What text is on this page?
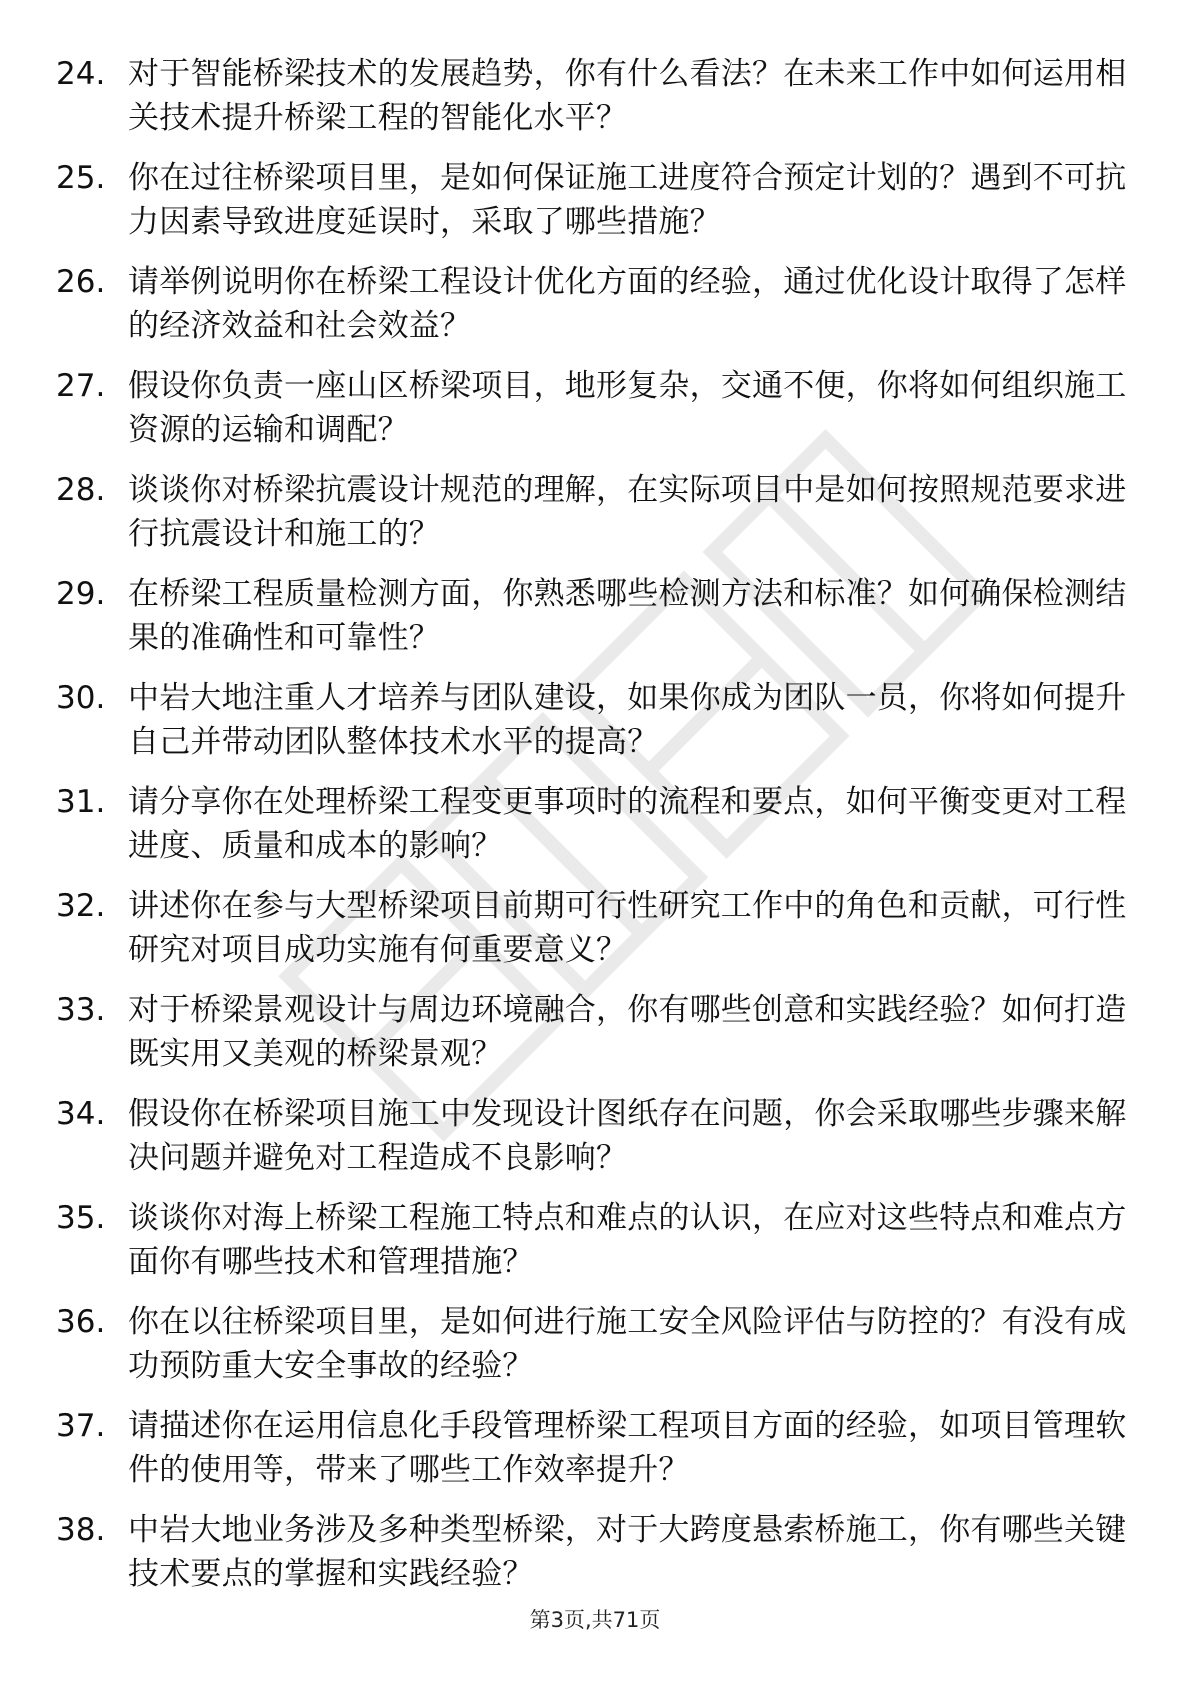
24. 对于智能桥梁技术的发展趋势，你有什么看法？在未来工作中如何运用相关技术提升桥梁工程的智能化水平？
25. 你在过往桥梁项目里，是如何保证施工进度符合预定计划的？遇到不可抗力因素导致进度延误时，采取了哪些措施？
26. 请举例说明你在桥梁工程设计优化方面的经验，通过优化设计取得了怎样的经济效益和社会效益？
27. 假设你负责一座山区桥梁项目，地形复杂，交通不便，你将如何组织施工资源的运输和调配？
28. 谈谈你对桥梁抗震设计规范的理解，在实际项目中是如何按照规范要求进行抗震设计和施工的？
29. 在桥梁工程质量检测方面，你熟悉哪些检测方法和标准？如何确保检测结果的准确性和可靠性？
30. 中岩大地注重人才培养与团队建设，如果你成为团队一员，你将如何提升自己并带动团队整体技术水平的提高？
31. 请分享你在处理桥梁工程变更事项时的流程和要点，如何平衡变更对工程进度、质量和成本的影响？
32. 讲述你在参与大型桥梁项目前期可行性研究工作中的角色和贡献，可行性研究对项目成功实施有何重要意义？
33. 对于桥梁景观设计与周边环境融合，你有哪些创意和实践经验？如何打造既实用又美观的桥梁景观？
34. 假设你在桥梁项目施工中发现设计图纸存在问题，你会采取哪些步骤来解决问题并避免对工程造成不良影响？
35. 谈谈你对海上桥梁工程施工特点和难点的认识，在应对这些特点和难点方面你有哪些技术和管理措施？
36. 你在以往桥梁项目里，是如何进行施工安全风险评估与防控的？有没有成功预防重大安全事故的经验？
37. 请描述你在运用信息化手段管理桥梁工程项目方面的经验，如项目管理软件的使用等，带来了哪些工作效率提升？
38. 中岩大地业务涉及多种类型桥梁，对于大跨度悬索桥施工，你有哪些关键技术要点的掌握和实践经验？
第3页,共71页
